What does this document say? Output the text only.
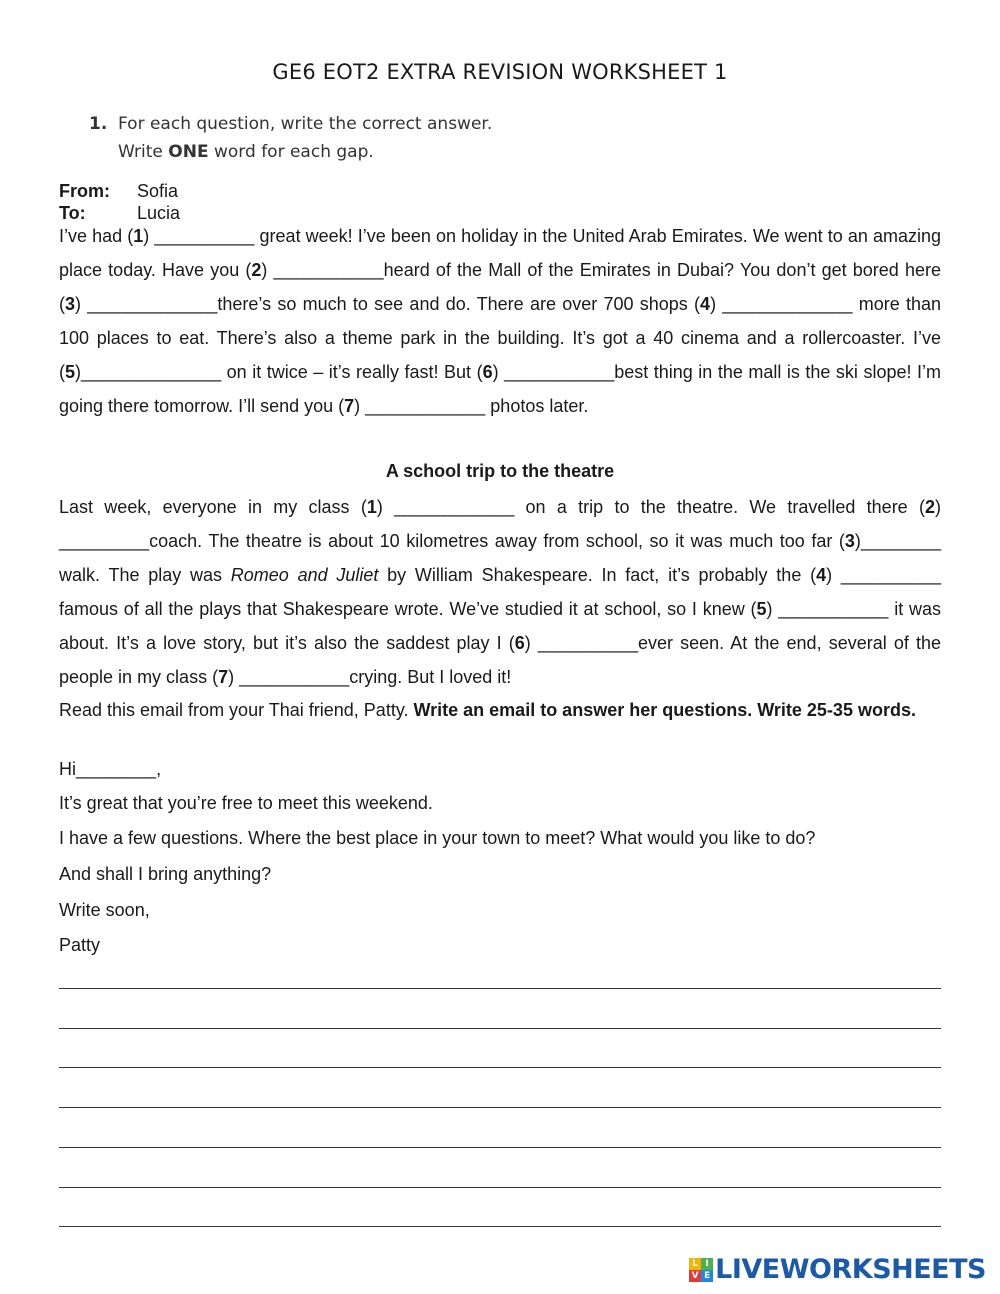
GE6 EOT2 EXTRA REVISION WORKSHEET 1
1. For each question, write the correct answer.
Write ONE word for each gap.
From: Sofia
To:	Lucia

I’ve had (1) __________ great week! I’ve been on holiday in the United Arab Emirates. We went to an amazing place today. Have you (2) ___________heard of the Mall of the Emirates in Dubai? You don’t get bored here (3) _____________there’s so much to see and do. There are over 700 shops (4) _____________ more than 100 places to eat. There’s also a theme park in the building. It’s got a 40 cinema and a rollercoaster. I’ve (5)______________ on it twice – it’s really fast! But (6) ___________best thing in the mall is the ski slope! I’m going there tomorrow. I’ll send you (7) ____________ photos later.

A school trip to the theatre

Last week, everyone in my class (1) ____________ on a trip to the theatre. We travelled there (2) _________coach. The theatre is about 10 kilometres away from school, so it was much too far (3)________ walk. The play was Romeo and Juliet by William Shakespeare. In fact, it’s probably the (4) __________ famous of all the plays that Shakespeare wrote. We’ve studied it at school, so I knew (5) ___________ it was about. It’s a love story, but it’s also the saddest play I (6) __________ever seen. At the end, several of the people in my class (7) ___________crying. But I loved it!

Read this email from your Thai friend, Patty. Write an email to answer her questions. Write 25-35 words.

Hi________,

It’s great that you’re free to meet this weekend.

I have a few questions. Where the best place in your town to meet? What would you like to do?

And shall I bring anything?

Write soon,

Patty

L I
V E LIVEWORKSHEETS
